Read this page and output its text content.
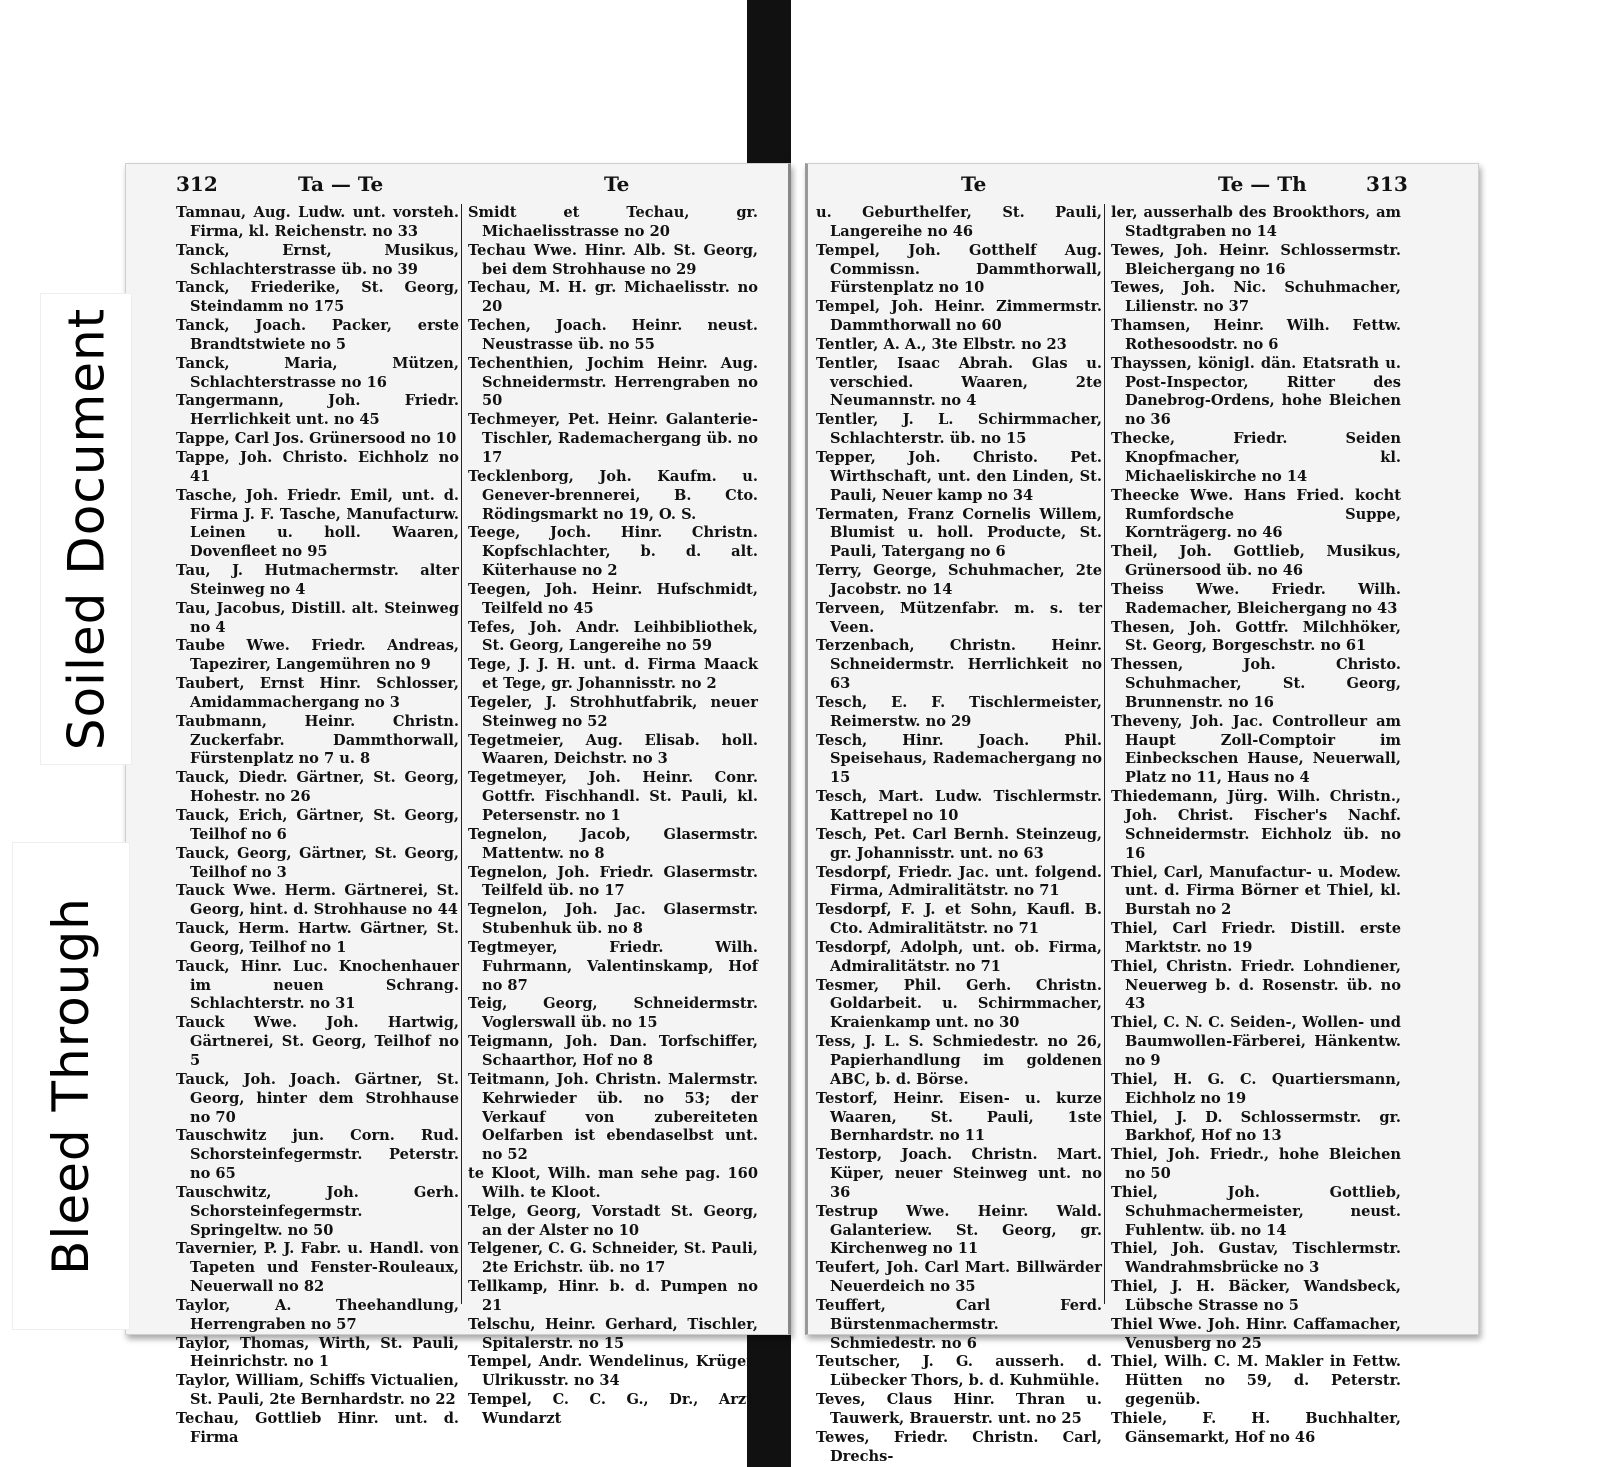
312	Ta — Te	Te

Tamnau, Aug. Ludw. unt. vorsteh. Firma, kl. Reichenstr. no 33

Tanck, Ernst, Musikus, Schlachterstrasse üb. no 39

Tanck, Friederike, St. Georg, Steindamm no 175

Tanck, Joach. Packer, erste Brandtstwiete no 5

Tanck, Maria, Mützen, Schlachterstrasse no 16

Tangermann, Joh. Friedr. Herrlichkeit unt. no 45

Tappe, Carl Jos. Grünersood no 10

Tappe, Joh. Christo. Eichholz no 41

Tasche, Joh. Friedr. Emil, unt. d. Firma J. F. Tasche, Manufacturw. Leinen u. holl. Waaren, Dovenfleet no 95

Tau, J. Hutmachermstr. alter Steinweg no 4

Tau, Jacobus, Distill. alt. Steinweg no 4

Taube Wwe. Friedr. Andreas, Tapezirer, Langemühren no 9

Taubert, Ernst Hinr. Schlosser, Amidammachergang no 3

Taubmann, Heinr. Christn. Zuckerfabr. Dammthorwall, Fürstenplatz no 7 u. 8

Tauck, Diedr. Gärtner, St. Georg, Hohestr. no 26

Tauck, Erich, Gärtner, St. Georg, Teilhof no 6

Tauck, Georg, Gärtner, St. Georg, Teilhof no 3

Tauck Wwe. Herm. Gärtnerei, St. Georg, hint. d. Strohhause no 44

Tauck, Herm. Hartw. Gärtner, St. Georg, Teilhof no 1

Tauck, Hinr. Luc. Knochenhauer im neuen Schrang. Schlachterstr. no 31

Tauck Wwe. Joh. Hartwig, Gärtnerei, St. Georg, Teilhof no 5

Tauck, Joh. Joach. Gärtner, St. Georg, hinter dem Strohhause no 70

Tauschwitz jun. Corn. Rud. Schorsteinfegermstr. Peterstr. no 65

Tauschwitz, Joh. Gerh. Schorsteinfegermstr. Springeltw. no 50

Tavernier, P. J. Fabr. u. Handl. von Tapeten und Fenster-Rouleaux, Neuerwall no 82

Taylor, A. Theehandlung, Herrengraben no 57

Taylor, Thomas, Wirth, St. Pauli, Heinrichstr. no 1

Taylor, William, Schiffs Victualien, St. Pauli, 2te Bernhardstr. no 22

Techau, Gottlieb Hinr. unt. d. Firma

Smidt et Techau, gr. Michaelisstrasse no 20

Techau Wwe. Hinr. Alb. St. Georg, bei dem Strohhause no 29

Techau, M. H. gr. Michaelisstr. no 20

Techen, Joach. Heinr. neust. Neustrasse üb. no 55

Techenthien, Jochim Heinr. Aug. Schneidermstr. Herrengraben no 50

Techmeyer, Pet. Heinr. Galanterie-Tischler, Rademachergang üb. no 17

Tecklenborg, Joh. Kaufm. u. Genever-brennerei, B. Cto. Rödingsmarkt no 19, O. S.

Teege, Joch. Hinr. Christn. Kopfschlachter, b. d. alt. Küterhause no 2

Teegen, Joh. Heinr. Hufschmidt, Teilfeld no 45

Tefes, Joh. Andr. Leihbibliothek, St. Georg, Langereihe no 59

Tege, J. J. H. unt. d. Firma Maack et Tege, gr. Johannisstr. no 2

Tegeler, J. Strohhutfabrik, neuer Steinweg no 52

Tegetmeier, Aug. Elisab. holl. Waaren, Deichstr. no 3

Tegetmeyer, Joh. Heinr. Conr. Gottfr. Fischhandl. St. Pauli, kl. Petersenstr. no 1

Tegnelon, Jacob, Glasermstr. Mattentw. no 8

Tegnelon, Joh. Friedr. Glasermstr. Teilfeld üb. no 17

Tegnelon, Joh. Jac. Glasermstr. Stubenhuk üb. no 8

Tegtmeyer, Friedr. Wilh. Fuhrmann, Valentinskamp, Hof no 87

Teig, Georg, Schneidermstr. Voglerswall üb. no 15

Teigmann, Joh. Dan. Torfschiffer, Schaarthor, Hof no 8

Teitmann, Joh. Christn. Malermstr. Kehrwieder üb. no 53; der Verkauf von zubereiteten Oelfarben ist ebendaselbst unt. no 52

te Kloot, Wilh. man sehe pag. 160 Wilh. te Kloot.

Telge, Georg, Vorstadt St. Georg, an der Alster no 10

Telgener, C. G. Schneider, St. Pauli, 2te Erichstr. üb. no 17

Tellkamp, Hinr. b. d. Pumpen no 21

Telschu, Heinr. Gerhard, Tischler, Spitalerstr. no 15

Tempel, Andr. Wendelinus, Krüger, Ulrikusstr. no 34

Tempel, C. C. G., Dr., Arzt, Wundarzt

Te	Te — Th	313

u. Geburthelfer, St. Pauli, Langereihe no 46

Tempel, Joh. Gotthelf Aug. Commissn. Dammthorwall, Fürstenplatz no 10

Tempel, Joh. Heinr. Zimmermstr. Dammthorwall no 60

Tentler, A. A., 3te Elbstr. no 23

Tentler, Isaac Abrah. Glas u. verschied. Waaren, 2te Neumannstr. no 4

Tentler, J. L. Schirmmacher, Schlachterstr. üb. no 15

Tepper, Joh. Christo. Pet. Wirthschaft, unt. den Linden, St. Pauli, Neuer kamp no 34

Termaten, Franz Cornelis Willem, Blumist u. holl. Producte, St. Pauli, Tatergang no 6

Terry, George, Schuhmacher, 2te Jacobstr. no 14

Terveen, Mützenfabr. m. s. ter Veen.

Terzenbach, Christn. Heinr. Schneidermstr. Herrlichkeit no 63

Tesch, E. F. Tischlermeister, Reimerstw. no 29

Tesch, Hinr. Joach. Phil. Speisehaus, Rademachergang no 15

Tesch, Mart. Ludw. Tischlermstr. Kattrepel no 10

Tesch, Pet. Carl Bernh. Steinzeug, gr. Johannisstr. unt. no 63

Tesdorpf, Friedr. Jac. unt. folgend. Firma, Admiralitätstr. no 71

Tesdorpf, F. J. et Sohn, Kaufl. B. Cto. Admiralitätstr. no 71

Tesdorpf, Adolph, unt. ob. Firma, Admiralitätstr. no 71

Tesmer, Phil. Gerh. Christn. Goldarbeit. u. Schirmmacher, Kraienkamp unt. no 30

Tess, J. L. S. Schmiedestr. no 26, Papierhandlung im goldenen ABC, b. d. Börse.

Testorf, Heinr. Eisen- u. kurze Waaren, St. Pauli, 1ste Bernhardstr. no 11

Testorp, Joach. Christn. Mart. Küper, neuer Steinweg unt. no 36

Testrup Wwe. Heinr. Wald. Galanteriew. St. Georg, gr. Kirchenweg no 11

Teufert, Joh. Carl Mart. Billwärder Neuerdeich no 35

Teuffert, Carl Ferd. Bürstenmachermstr. Schmiedestr. no 6

Teutscher, J. G. ausserh. d. Lübecker Thors, b. d. Kuhmühle.

Teves, Claus Hinr. Thran u. Tauwerk, Brauerstr. unt. no 25

Tewes, Friedr. Christn. Carl, Drechs-

ler, ausserhalb des Brookthors, am Stadtgraben no 14

Tewes, Joh. Heinr. Schlossermstr. Bleichergang no 16

Tewes, Joh. Nic. Schuhmacher, Lilienstr. no 37

Thamsen, Heinr. Wilh. Fettw. Rothesoodstr. no 6

Thayssen, königl. dän. Etatsrath u. Post-Inspector, Ritter des Danebrog-Ordens, hohe Bleichen no 36

Thecke, Friedr. Seiden Knopfmacher, kl. Michaeliskirche no 14

Theecke Wwe. Hans Fried. kocht Rumfordsche Suppe, Kornträgerg. no 46

Theil, Joh. Gottlieb, Musikus, Grünersood üb. no 46

Theiss Wwe. Friedr. Wilh. Rademacher, Bleichergang no 43

Thesen, Joh. Gottfr. Milchhöker, St. Georg, Borgeschstr. no 61

Thessen, Joh. Christo. Schuhmacher, St. Georg, Brunnenstr. no 16

Theveny, Joh. Jac. Controlleur am Haupt Zoll-Comptoir im Einbeckschen Hause, Neuerwall, Platz no 11, Haus no 4

Thiedemann, Jürg. Wilh. Christn., Joh. Christ. Fischer's Nachf. Schneidermstr. Eichholz üb. no 16

Thiel, Carl, Manufactur- u. Modew. unt. d. Firma Börner et Thiel, kl. Burstah no 2

Thiel, Carl Friedr. Distill. erste Marktstr. no 19

Thiel, Christn. Friedr. Lohndiener, Neuerweg b. d. Rosenstr. üb. no 43

Thiel, C. N. C. Seiden-, Wollen- und Baumwollen-Färberei, Hänkentw. no 9

Thiel, H. G. C. Quartiersmann, Eichholz no 19

Thiel, J. D. Schlossermstr. gr. Barkhof, Hof no 13

Thiel, Joh. Friedr., hohe Bleichen no 50

Thiel, Joh. Gottlieb, Schuhmachermeister, neust. Fuhlentw. üb. no 14

Thiel, Joh. Gustav, Tischlermstr. Wandrahmsbrücke no 3

Thiel, J. H. Bäcker, Wandsbeck, Lübsche Strasse no 5

Thiel Wwe. Joh. Hinr. Caffamacher, Venusberg no 25

Thiel, Wilh. C. M. Makler in Fettw. Hütten no 59, d. Peterstr. gegenüb.

Thiele, F. H. Buchhalter, Gänsemarkt, Hof no 46

Soiled Document
Bleed Through
